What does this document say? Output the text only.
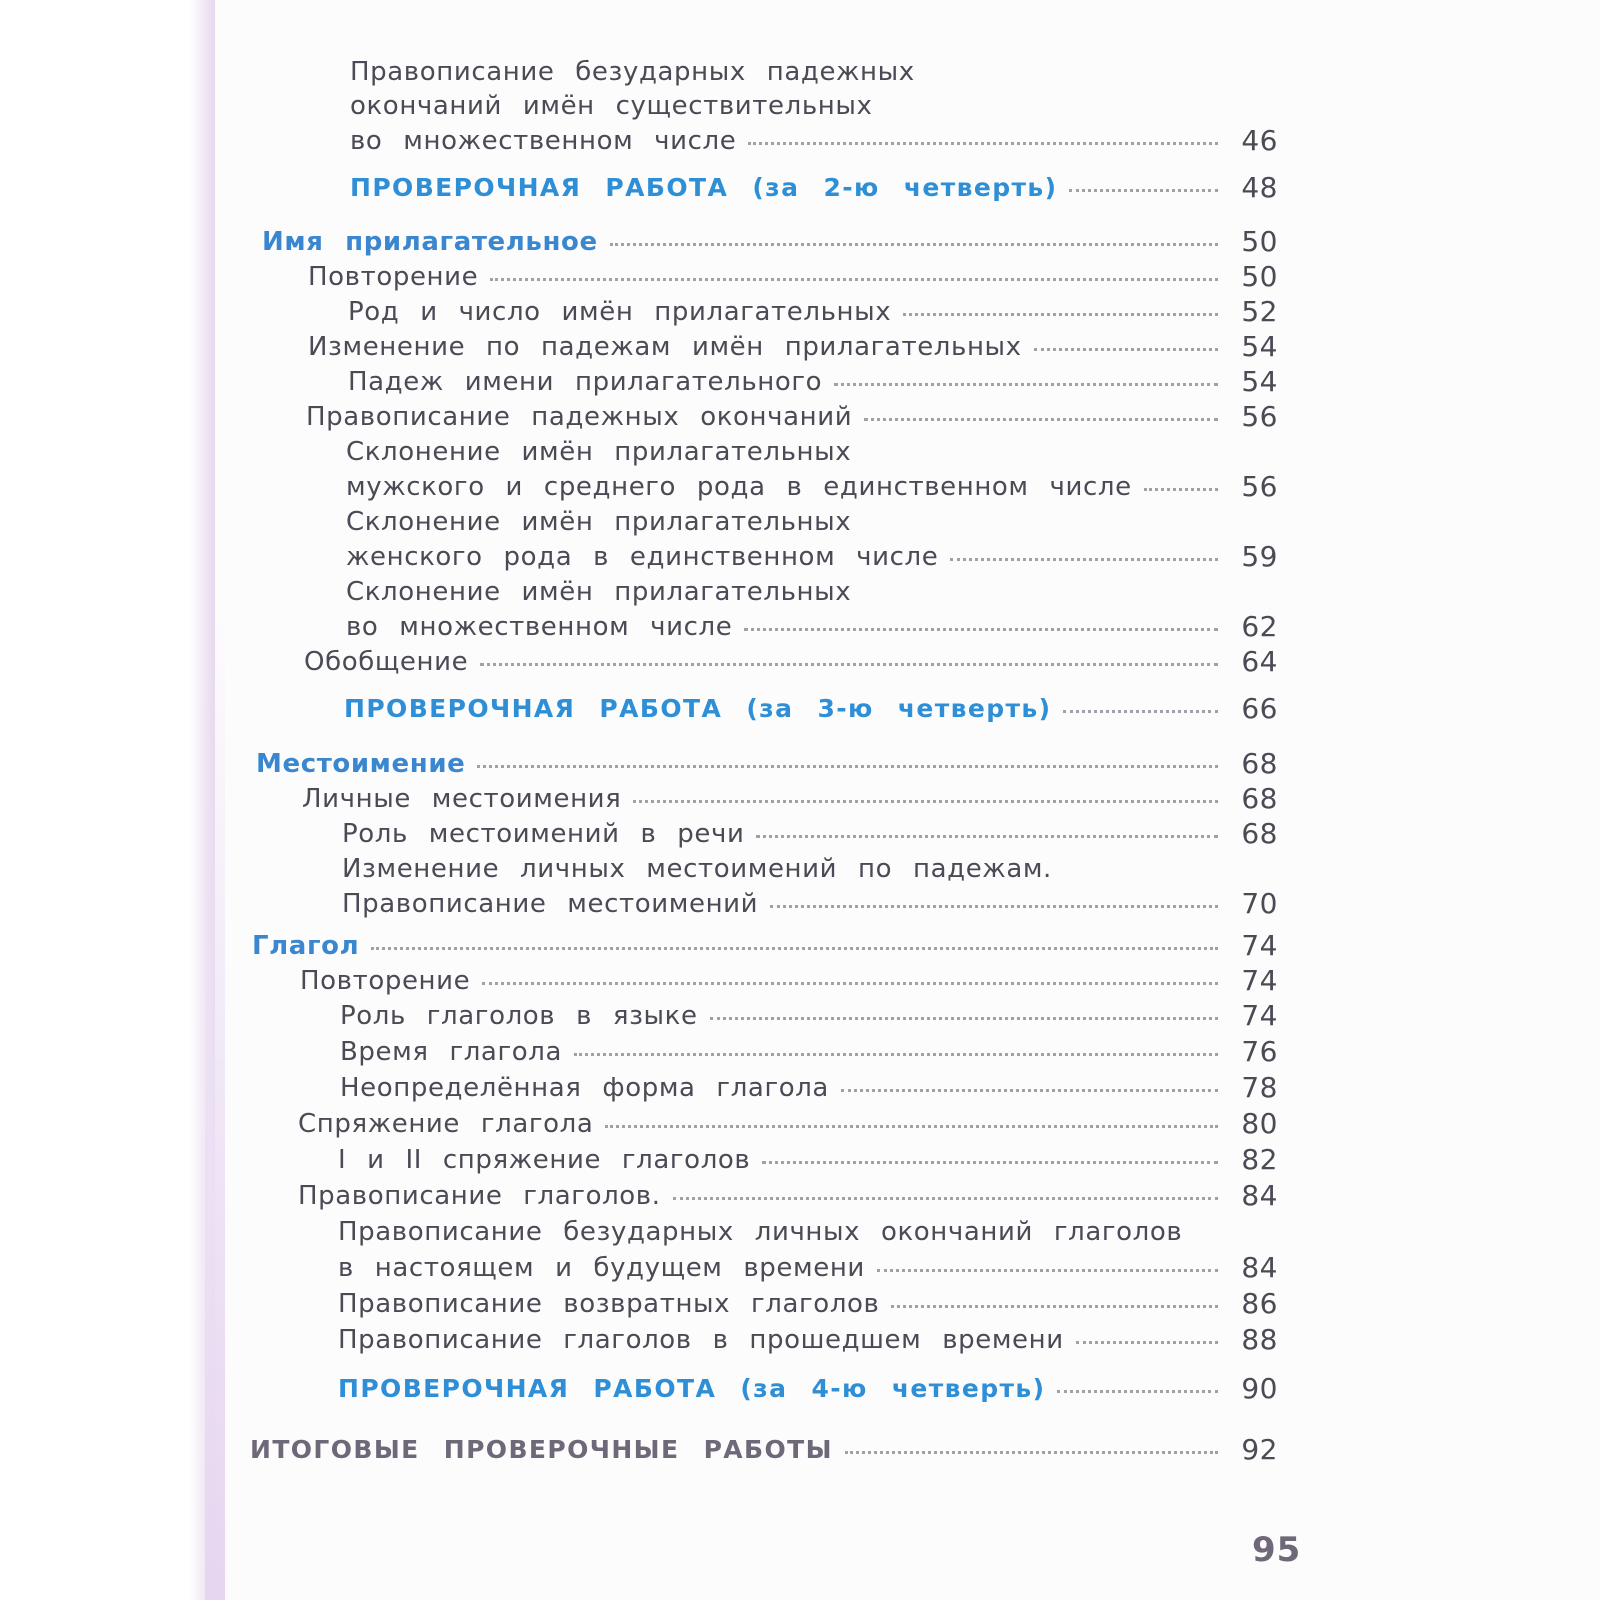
Правописание безударных падежных
окончаний имён существительных
во множественном числе	46
ПРОВЕРОЧНАЯ РАБОТА (за 2-ю четверть)	48
Имя прилагательное	50
Повторение	50
Род и число имён прилагательных	52
Изменение по падежам имён прилагательных	54
Падеж имени прилагательного	54
Правописание падежных окончаний	56
Склонение имён прилагательных
мужского и среднего рода в единственном числе	56
Склонение имён прилагательных
женского рода в единственном числе	59
Склонение имён прилагательных
во множественном числе	62
Обобщение	64
ПРОВЕРОЧНАЯ РАБОТА (за 3-ю четверть)	66
Местоимение	68
Личные местоимения	68
Роль местоимений в речи	68
Изменение личных местоимений по падежам.
Правописание местоимений	70
Глагол	74
Повторение	74
Роль глаголов в языке	74
Время глагола	76
Неопределённая форма глагола	78
Спряжение глагола	80
I и II спряжение глаголов	82
Правописание глаголов.	84
Правописание безударных личных окончаний глаголов
в настоящем и будущем времени	84
Правописание возвратных глаголов	86
Правописание глаголов в прошедшем времени	88
ПРОВЕРОЧНАЯ РАБОТА (за 4-ю четверть)	90
ИТОГОВЫЕ ПРОВЕРОЧНЫЕ РАБОТЫ	92
95
